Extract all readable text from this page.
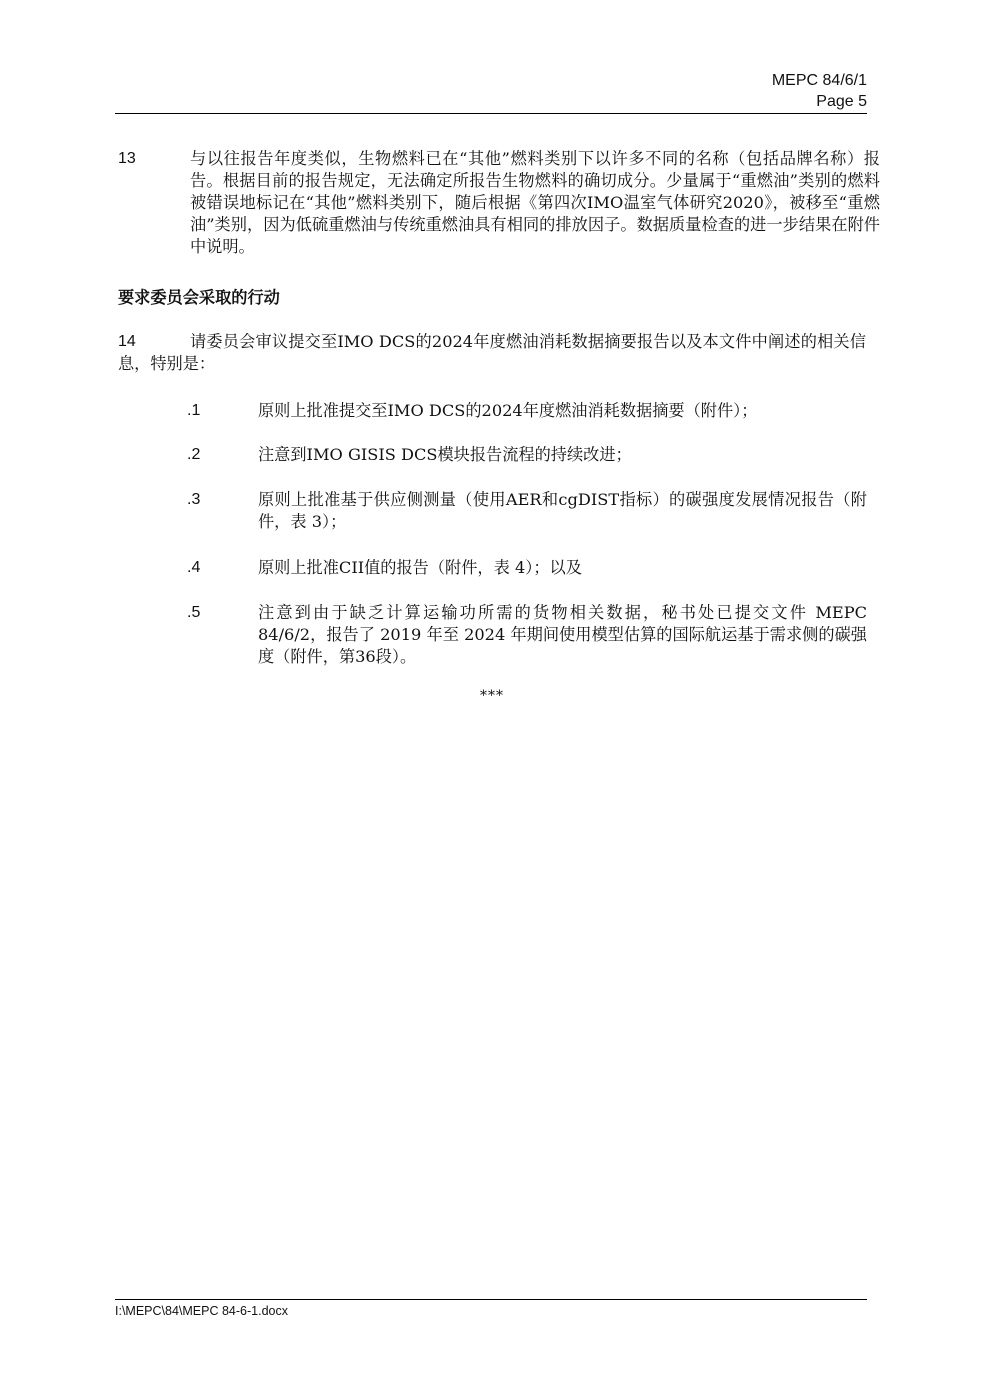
MEPC 84/6/1
Page 5
13	与以往报告年度类似，生物燃料已在“其他”燃料类别下以许多不同的名称（包括品牌名称）报告。根据目前的报告规定，无法确定所报告生物燃料的确切成分。少量属于“重燃油”类别的燃料被错误地标记在“其他”燃料类别下，随后根据《第四次IMO温室气体研究2020》，被移至“重燃油”类别，因为低硫重燃油与传统重燃油具有相同的排放因子。数据质量检查的进一步结果在附件中说明。
要求委员会采取的行动
14	请委员会审议提交至IMO DCS的2024年度燃油消耗数据摘要报告以及本文件中阐述的相关信息，特别是：
.1	原则上批准提交至IMO DCS的2024年度燃油消耗数据摘要（附件）；
.2	注意到IMO GISIS DCS模块报告流程的持续改进；
.3	原则上批准基于供应侧测量（使用AER和cgDIST指标）的碳强度发展情况报告（附件，表 3）；
.4	原则上批准CII值的报告（附件，表 4）；以及
.5	注意到由于缺乏计算运输功所需的货物相关数据，秘书处已提交文件 MEPC 84/6/2，报告了 2019 年至 2024 年期间使用模型估算的国际航运基于需求侧的碳强度（附件，第36段）。
***
I:\MEPC\84\MEPC 84-6-1.docx
